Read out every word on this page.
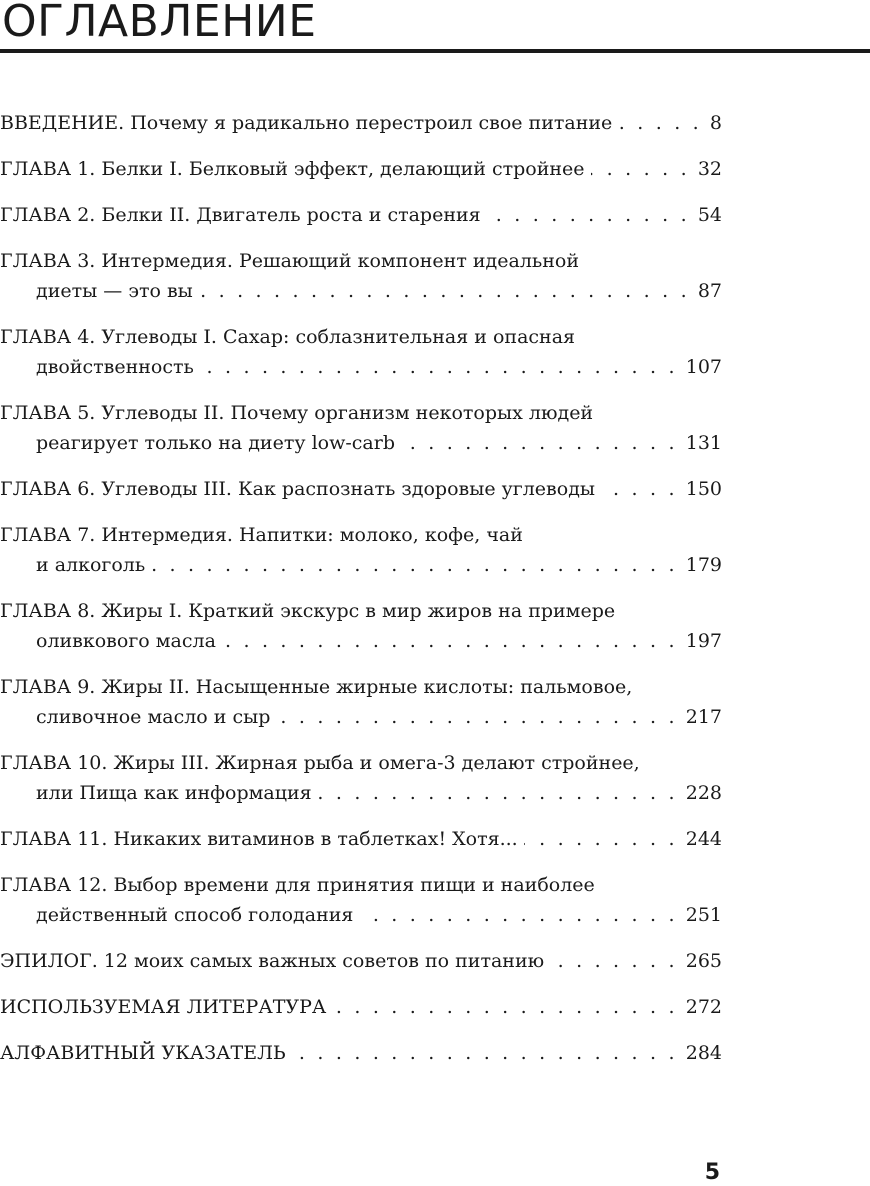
ОГЛАВЛЕНИЕ
ВВЕДЕНИЕ. Почему я радикально перестроил свое питание . . .	8
ГЛАВА 1. Белки I. Белковый эффект, делающий стройнее . . .	32
ГЛАВА 2. Белки II. Двигатель роста и старения . . .	54
ГЛАВА 3. Интермедия. Решающий компонент идеальной
диеты — это вы . . .	87
ГЛАВА 4. Углеводы I. Сахар: соблазнительная и опасная
двойственность . . .	107
ГЛАВА 5. Углеводы II. Почему организм некоторых людей
реагирует только на диету low-carb . . .	131
ГЛАВА 6. Углеводы III. Как распознать здоровые углеводы . . .	150
ГЛАВА 7. Интермедия. Напитки: молоко, кофе, чай
и алкоголь . . .	179
ГЛАВА 8. Жиры I. Краткий экскурс в мир жиров на примере
оливкового масла . . .	197
ГЛАВА 9. Жиры II. Насыщенные жирные кислоты: пальмовое,
сливочное масло и сыр . . .	217
ГЛАВА 10. Жиры III. Жирная рыба и омега-3 делают стройнее,
или Пища как информация . . .	228
ГЛАВА 11. Никаких витаминов в таблетках! Хотя... . . .	244
ГЛАВА 12. Выбор времени для принятия пищи и наиболее
действенный способ голодания . . .	251
ЭПИЛОГ. 12 моих самых важных советов по питанию . . .	265
ИСПОЛЬЗУЕМАЯ ЛИТЕРАТУРА . . .	272
АЛФАВИТНЫЙ УКАЗАТЕЛЬ . . .	284
5
